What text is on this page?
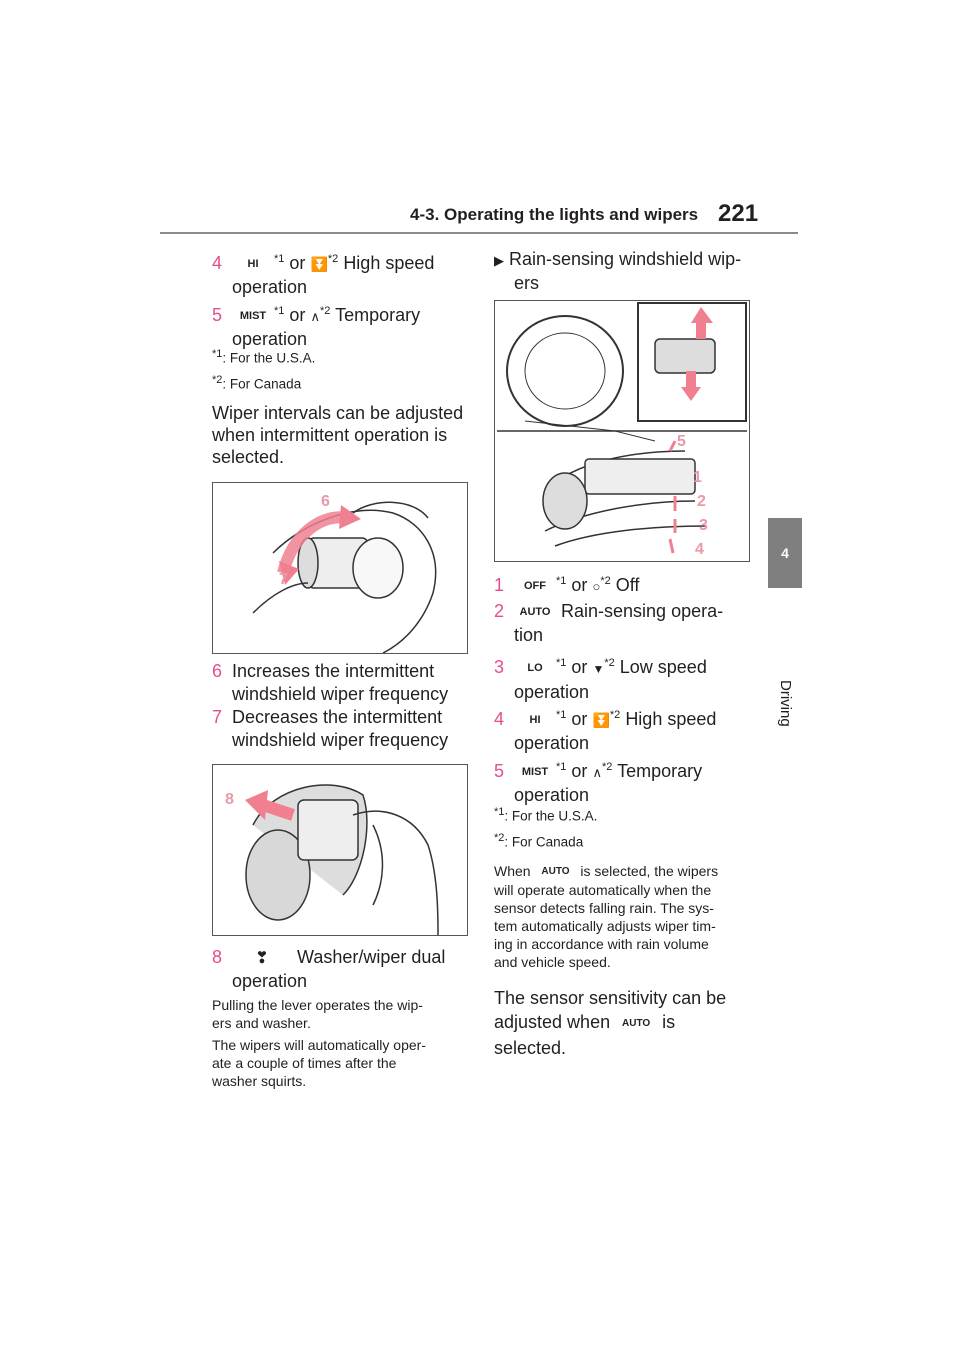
4-3. Operating the lights and wipers 221
4
Driving
4 HI $^{*1}$ or ⏬$^{*2}$ High speed
operation
5 MIST $^{*1}$ or ∧$^{*2}$ Temporary
operation
$^{*1}$: For the U.S.A.
$^{*2}$: For Canada
Wiper intervals can be adjusted
when intermittent operation is
selected.
6
7
6 Increases the intermittent
windshield wiper frequency
7 Decreases the intermittent
windshield wiper frequency
8
8 ❣ Washer/wiper dual
operation
Pulling the lever operates the wip-
ers and washer.
The wipers will automatically oper-
ate a couple of times after the
washer squirts.
▶ Rain-sensing windshield wip-
ers
5
1
2
3
4
1 OFF $^{*1}$ or ○$^{*2}$ Off
2 AUTO Rain-sensing opera-
tion
3 LO $^{*1}$ or ▼$^{*2}$ Low speed
operation
4 HI $^{*1}$ or ⏬$^{*2}$ High speed
operation
5 MIST $^{*1}$ or ∧$^{*2}$ Temporary
operation
$^{*1}$: For the U.S.A.
$^{*2}$: For Canada
When AUTO is selected, the wipers
will operate automatically when the
sensor detects falling rain. The sys-
tem automatically adjusts wiper tim-
ing in accordance with rain volume
and vehicle speed.
The sensor sensitivity can be
adjusted when AUTO is
selected.
